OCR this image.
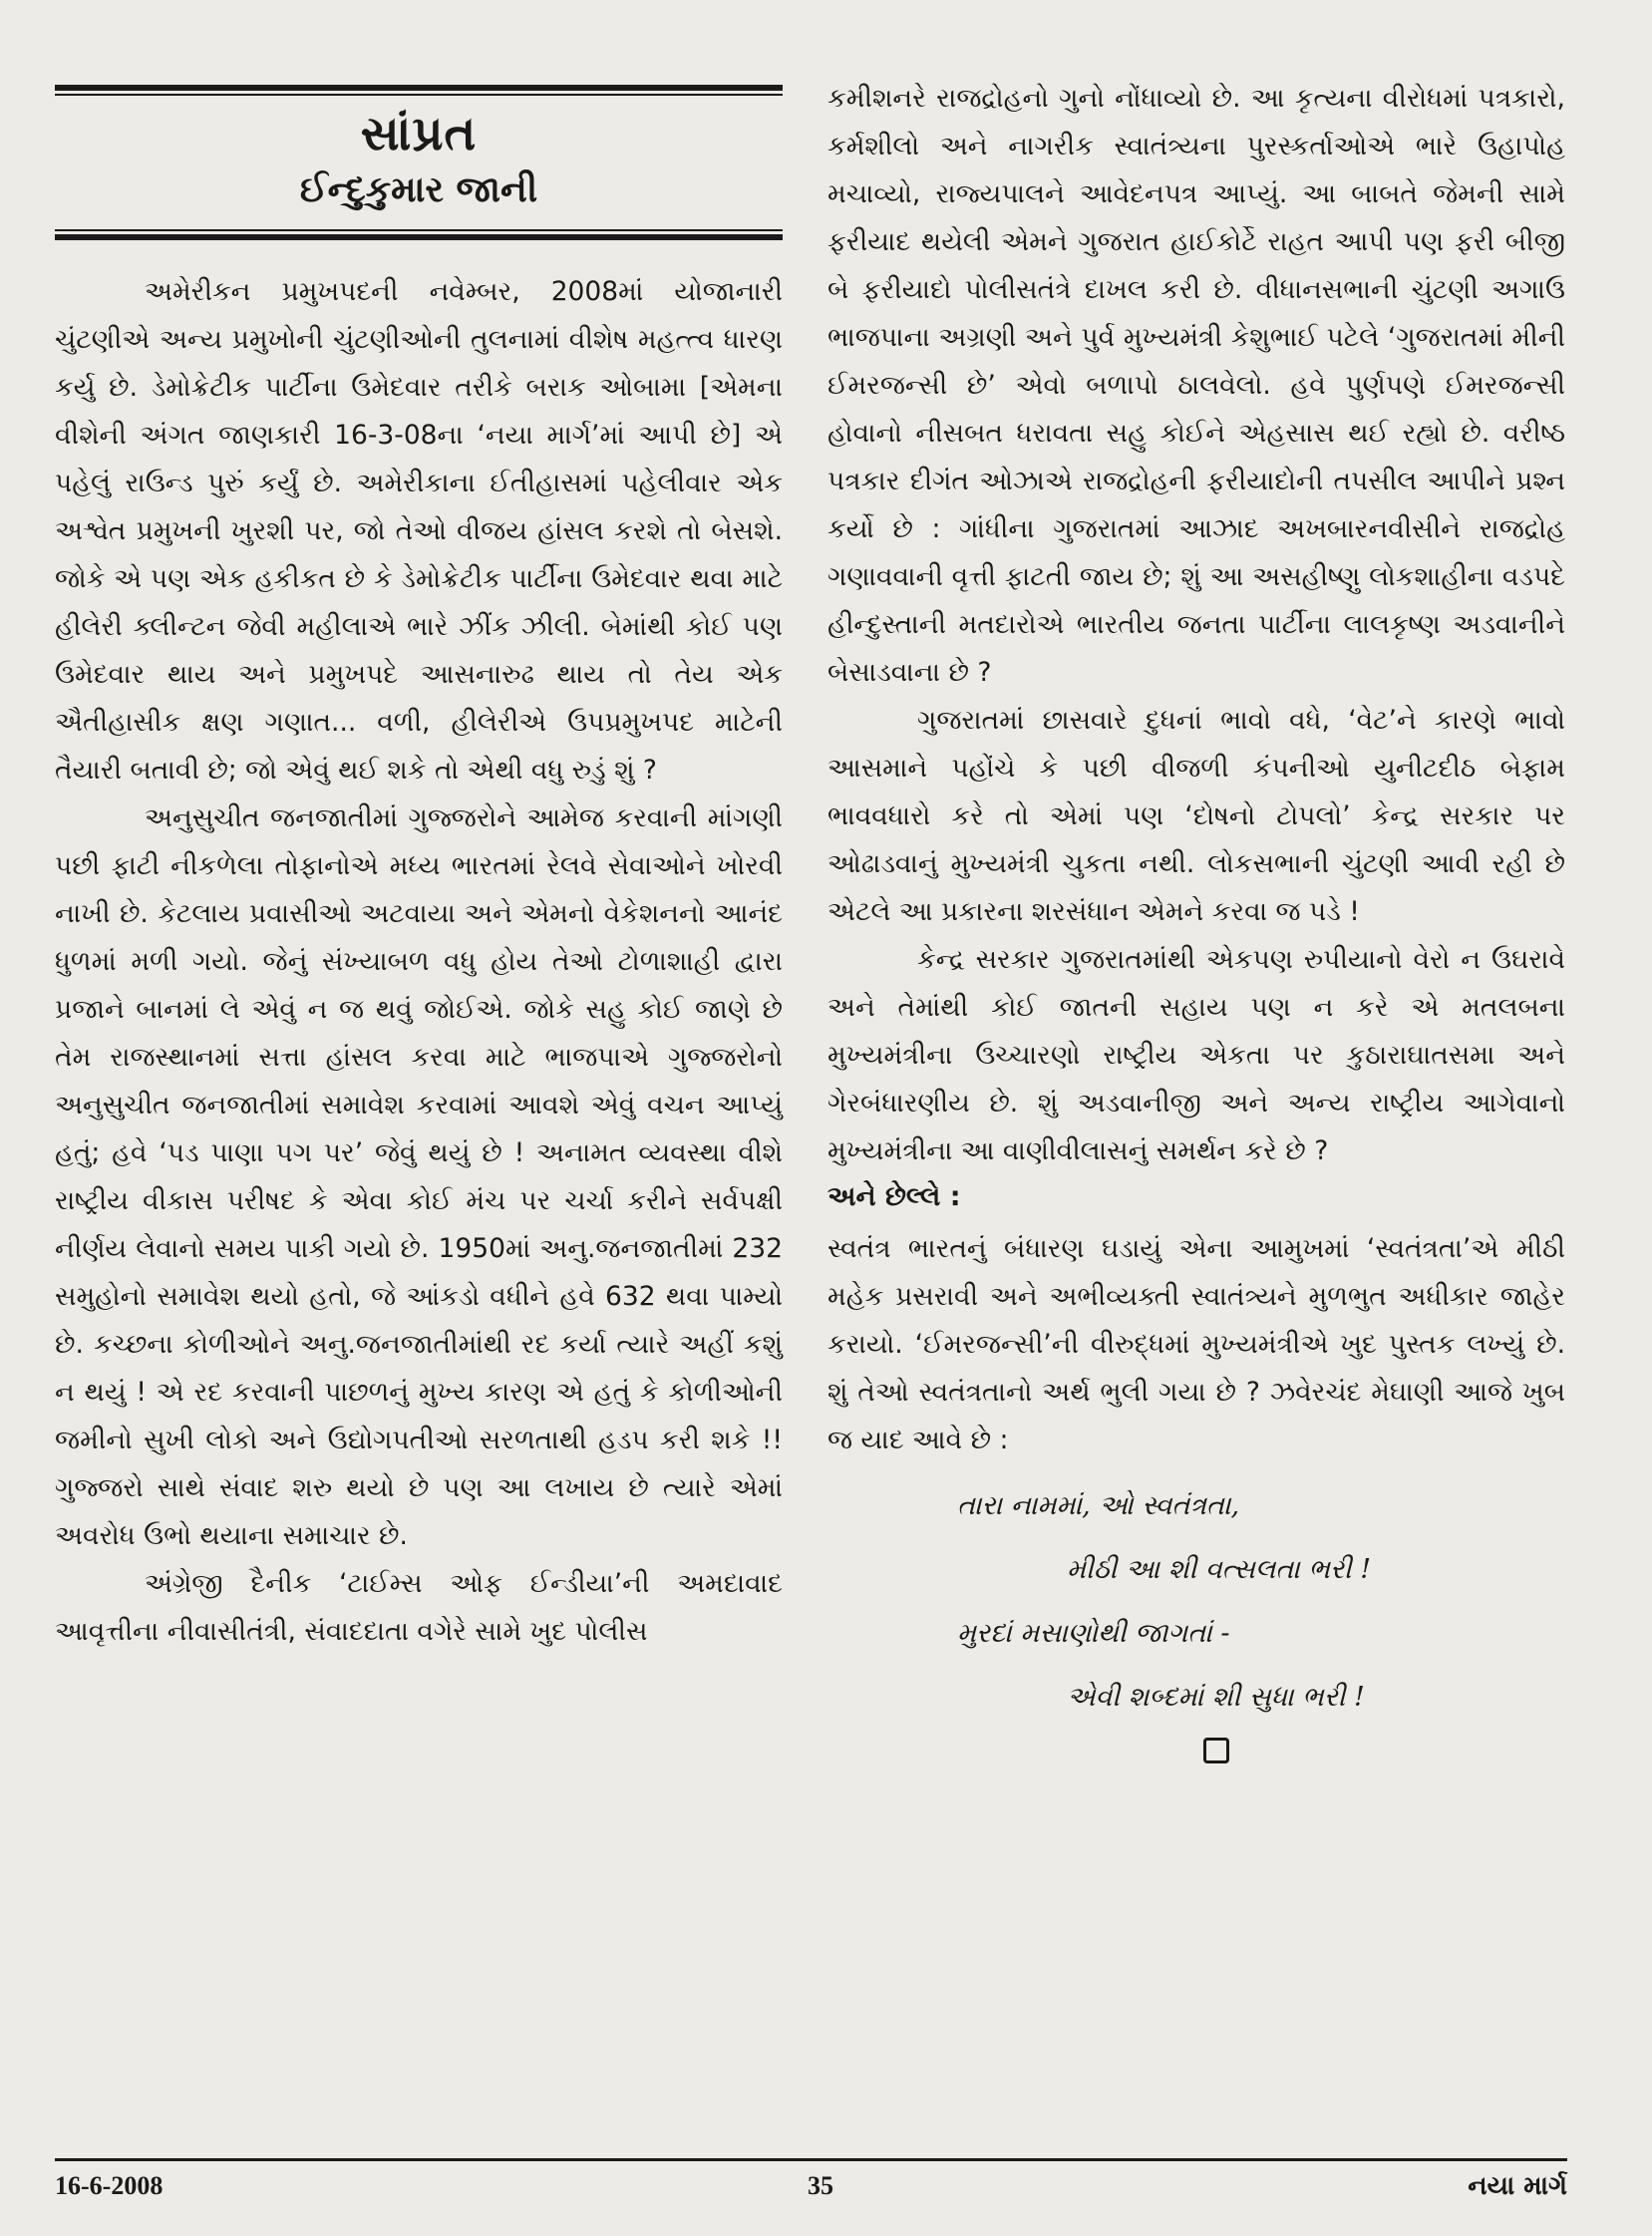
સાંપ્રત
ઈન્દુકુમાર જાની

અમેરીકન પ્રમુખપદની નવેમ્બર, 2008માં યોજાનારી ચુંટણીએ અન્ય પ્રમુખોની ચુંટણીઓની તુલનામાં વીશેષ મહત્ત્વ ધારણ કર્યુ છે. ડેમોક્રેટીક પાર્ટીના ઉમેદવાર તરીકે બરાક ઓબામા [એમના વીશેની અંગત જાણકારી 16-3-08ના ‘નયા માર્ગ’માં આપી છે] એ પહેલું રાઉન્ડ પુરું કર્યું છે. અમેરીકાના ઈતીહાસમાં પહેલીવાર એક અશ્વેત પ્રમુખની ખુરશી પર, જો તેઓ વીજય હાંસલ કરશે તો બેસશે. જોકે એ પણ એક હકીકત છે કે ડેમોક્રેટીક પાર્ટીના ઉમેદવાર થવા માટે હીલેરી ક્લીન્ટન જેવી મહીલાએ ભારે ઝીંક ઝીલી. બેમાંથી કોઈ પણ ઉમેદવાર થાય અને પ્રમુખપદે આસનારુઢ થાય તો તેય એક ઐતીહાસીક ક્ષણ ગણાત... વળી, હીલેરીએ ઉપપ્રમુખપદ માટેની તૈયારી બતાવી છે; જો એવું થઈ શકે તો એથી વધુ રુડું શું ?

અનુસુચીત જનજાતીમાં ગુજ્જરોને આમેજ કરવાની માંગણી પછી ફાટી નીકળેલા તોફાનોએ મધ્ય ભારતમાં રેલવે સેવાઓને ખોરવી નાખી છે. કેટલાય પ્રવાસીઓ અટવાયા અને એમનો વેકેશનનો આનંદ ધુળમાં મળી ગયો. જેનું સંખ્યાબળ વધુ હોય તેઓ ટોળાશાહી દ્વારા પ્રજાને બાનમાં લે એવું ન જ થવું જોઈએ. જોકે સહુ કોઈ જાણે છે તેમ રાજસ્થાનમાં સત્તા હાંસલ કરવા માટે ભાજપાએ ગુજ્જરોનો અનુસુચીત જનજાતીમાં સમાવેશ કરવામાં આવશે એવું વચન આપ્યું હતું; હવે ‘પડ પાણા પગ પર’ જેવું થયું છે ! અનામત વ્યવસ્થા વીશે રાષ્ટ્રીય વીકાસ પરીષદ કે એવા કોઈ મંચ પર ચર્ચા કરીને સર્વપક્ષી નીર્ણય લેવાનો સમય પાકી ગયો છે. 1950માં અનુ.જનજાતીમાં 232 સમુહોનો સમાવેશ થયો હતો, જે આંકડો વધીને હવે 632 થવા પામ્યો છે. કચ્છના કોળીઓને અનુ.જનજાતીમાંથી રદ કર્યા ત્યારે અહીં કશું ન થયું ! એ રદ કરવાની પાછળનું મુખ્ય કારણ એ હતું કે કોળીઓની જમીનો સુખી લોકો અને ઉદ્યોગપતીઓ સરળતાથી હડપ કરી શકે !! ગુજ્જરો સાથે સંવાદ શરુ થયો છે પણ આ લખાય છે ત્યારે એમાં અવરોધ ઉભો થયાના સમાચાર છે.

અંગ્રેજી દૈનીક ‘ટાઈમ્સ ઓફ ઈન્ડીયા’ની અમદાવાદ આવૃત્તીના નીવાસીતંત્રી, સંવાદદાતા વગેરે સામે ખુદ પોલીસ

કમીશનરે રાજદ્રોહનો ગુનો નોંધાવ્યો છે. આ કૃત્યના વીરોધમાં પત્રકારો, કર્મશીલો અને નાગરીક સ્વાતંત્ર્યના પુરસ્કર્તાઓએ ભારે ઉહાપોહ મચાવ્યો, રાજ્યપાલને આવેદનપત્ર આપ્યું. આ બાબતે જેમની સામે ફરીયાદ થયેલી એમને ગુજરાત હાઈકોર્ટે રાહત આપી પણ ફરી બીજી બે ફરીયાદો પોલીસતંત્રે દાખલ કરી છે. વીધાનસભાની ચુંટણી અગાઉ ભાજપાના અગ્રણી અને પુર્વ મુખ્યમંત્રી કેશુભાઈ પટેલે ‘ગુજરાતમાં મીની ઈમરજન્સી છે’ એવો બળાપો ઠાલવેલો. હવે પુર્ણપણે ઈમરજન્સી હોવાનો નીસબત ધરાવતા સહુ કોઈને એહસાસ થઈ રહ્યો છે. વરીષ્ઠ પત્રકાર દીગંત ઓઝાએ રાજદ્રોહની ફરીયાદોની તપસીલ આપીને પ્રશ્ન કર્યો છે : ગાંધીના ગુજરાતમાં આઝાદ અખબારનવીસીને રાજદ્રોહ ગણાવવાની વૃત્તી ફાટતી જાય છે; શું આ અસહીષ્ણુ લોકશાહીના વડપદે હીન્દુસ્તાની મતદારોએ ભારતીય જનતા પાર્ટીના લાલકૃષ્ણ અડવાનીને બેસાડવાના છે ?

ગુજરાતમાં છાસવારે દુધનાં ભાવો વધે, ‘વેટ’ને કારણે ભાવો આસમાને પહોંચે કે પછી વીજળી કંપનીઓ યુનીટદીઠ બેફામ ભાવવધારો કરે તો એમાં પણ ‘દોષનો ટોપલો’ કેન્દ્ર સરકાર પર ઓઢાડવાનું મુખ્યમંત્રી ચુકતા નથી. લોકસભાની ચુંટણી આવી રહી છે એટલે આ પ્રકારના શરસંધાન એમને કરવા જ પડે !

કેન્દ્ર સરકાર ગુજરાતમાંથી એકપણ રુપીયાનો વેરો ન ઉઘરાવે અને તેમાંથી કોઈ જાતની સહાય પણ ન કરે એ મતલબના મુખ્યમંત્રીના ઉચ્ચારણો રાષ્ટ્રીય એકતા પર કુઠારાઘાતસમા અને ગેરબંધારણીય છે. શું અડવાનીજી અને અન્ય રાષ્ટ્રીય આગેવાનો મુખ્યમંત્રીના આ વાણીવીલાસનું સમર્થન કરે છે ?

અને છેલ્લે :

સ્વતંત્ર ભારતનું બંધારણ ઘડાયું એના આમુખમાં ‘સ્વતંત્રતા’એ મીઠી મહેક પ્રસરાવી અને અભીવ્યક્તી સ્વાતંત્ર્યને મુળભુત અધીકાર જાહેર કરાયો. ‘ઈમરજન્સી’ની વીરુદ્ધમાં મુખ્યમંત્રીએ ખુદ પુસ્તક લખ્યું છે. શું તેઓ સ્વતંત્રતાનો અર્થ ભુલી ગયા છે ? ઝવેરચંદ મેઘાણી આજે ખુબ જ યાદ આવે છે :

તારા નામમાં, ઓ સ્વતંત્રતા,
મીઠી આ શી વત્સલતા ભરી !
મુરદાં મસાણોથી જાગતાં -
એવી શબ્દમાં શી સુધા ભરી !
16-6-2008	35	નયા માર્ગ
